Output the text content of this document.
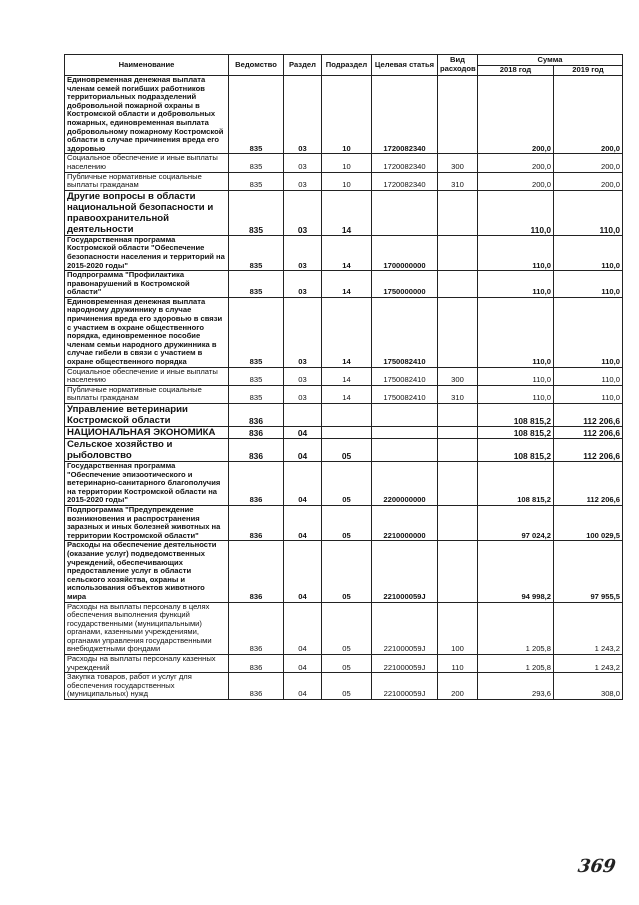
Наименование	Ведомство	Раздел	Подраздел	Целевая статья	Вид расходов	Сумма	
						2018 год	2019 год
Единовременная денежная выплата членам семей погибших работников территориальных подразделений добровольной пожарной охраны в Костромской области и добровольных пожарных, единовременная выплата добровольному пожарному Костромской области в случае причинения вреда его здоровью	835	03	10	1720082340		200,0	200,0
Социальное обеспечение и иные выплаты населению	835	03	10	1720082340	300	200,0	200,0
Публичные нормативные социальные выплаты гражданам	835	03	10	1720082340	310	200,0	200,0
Другие вопросы в области национальной безопасности и правоохранительной деятельности	835	03	14			110,0	110,0
Государственная программа Костромской области "Обеспечение безопасности населения и территорий на 2015-2020 годы"	835	03	14	1700000000		110,0	110,0
Подпрограмма "Профилактика правонарушений в Костромской области"	835	03	14	1750000000		110,0	110,0
Единовременная денежная выплата народному дружиннику в случае причинения вреда его здоровью в связи с участием в охране общественного порядка, единовременное пособие членам семьи народного дружинника в случае гибели в связи с участием в охране общественного порядка	835	03	14	1750082410		110,0	110,0
Социальное обеспечение и иные выплаты населению	835	03	14	1750082410	300	110,0	110,0
Публичные нормативные социальные выплаты гражданам	835	03	14	1750082410	310	110,0	110,0
Управление ветеринарии Костромской области	836					108 815,2	112 206,6
НАЦИОНАЛЬНАЯ ЭКОНОМИКА	836	04				108 815,2	112 206,6
Сельское хозяйство и рыболовство	836	04	05			108 815,2	112 206,6
Государственная программа "Обеспечение эпизоотического и ветеринарно-санитарного благополучия на территории Костромской области на 2015-2020 годы"	836	04	05	2200000000		108 815,2	112 206,6
Подпрограмма "Предупреждение возникновения и распространения заразных и иных болезней животных на территории Костромской области"	836	04	05	2210000000		97 024,2	100 029,5
Расходы на обеспечение деятельности (оказание услуг) подведомственных учреждений, обеспечивающих предоставление услуг в области сельского хозяйства, охраны и использования объектов животного мира	836	04	05	221000059J		94 998,2	97 955,5
Расходы на выплаты персоналу в целях обеспечения выполнения функций государственными (муниципальными) органами, казенными учреждениями, органами управления государственными внебюджетными фондами	836	04	05	221000059J	100	1 205,8	1 243,2
Расходы на выплаты персоналу казенных учреждений	836	04	05	221000059J	110	1 205,8	1 243,2
Закупка товаров, работ и услуг для обеспечения государственных (муниципальных) нужд	836	04	05	221000059J	200	293,6	308,0
369
